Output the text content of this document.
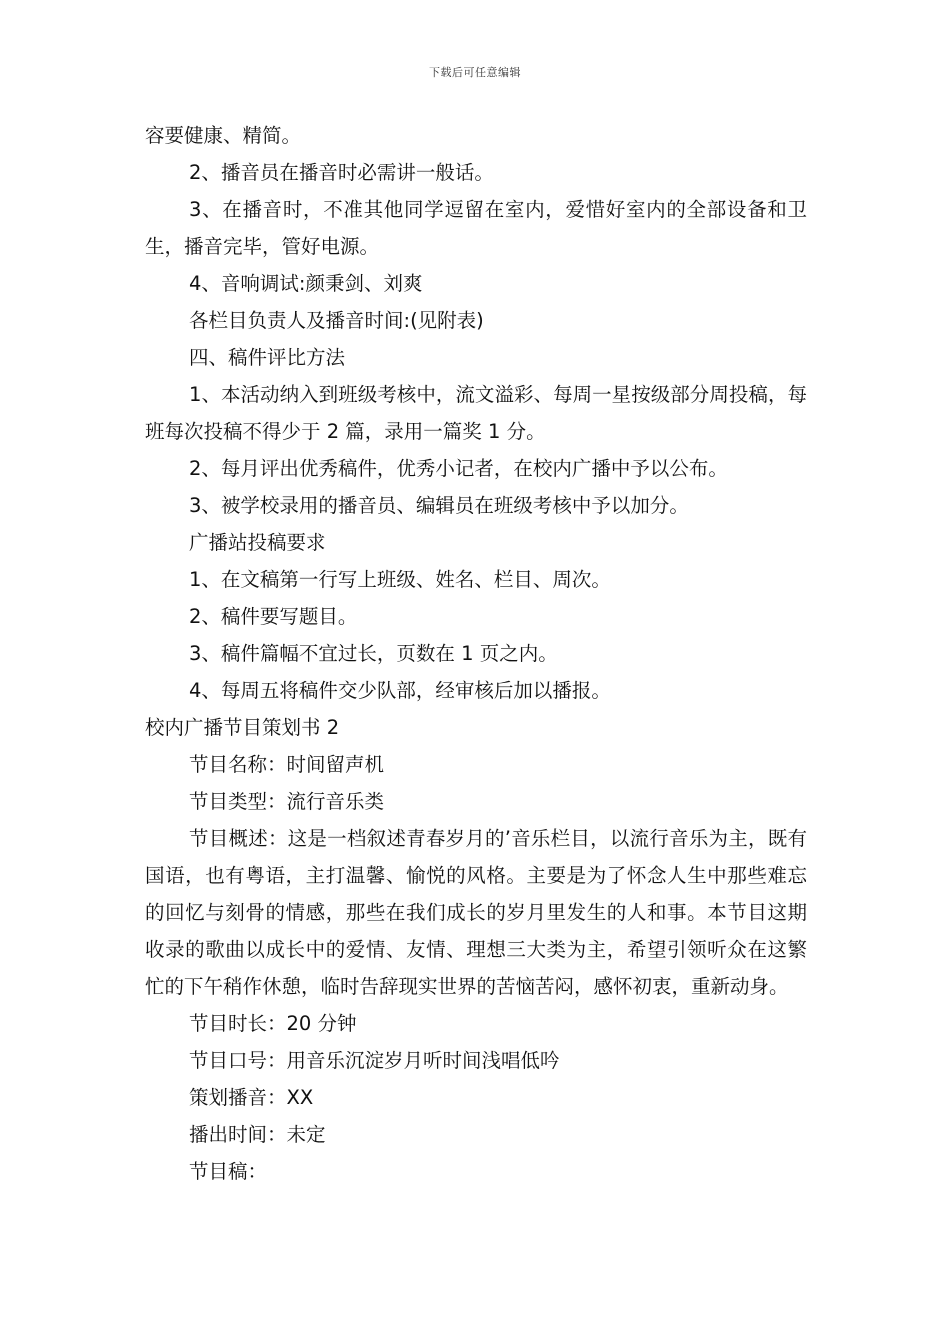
下载后可任意编辑

容要健康、精简。

2、播音员在播音时必需讲一般话。

3、在播音时，不准其他同学逗留在室内，爱惜好室内的全部设备和卫生，播音完毕，管好电源。

4、音响调试:颜秉剑、刘爽

各栏目负责人及播音时间:(见附表)

四、稿件评比方法

1、本活动纳入到班级考核中，流文溢彩、每周一星按级部分周投稿，每班每次投稿不得少于 2 篇，录用一篇奖 1 分。

2、每月评出优秀稿件，优秀小记者，在校内广播中予以公布。

3、被学校录用的播音员、编辑员在班级考核中予以加分。

广播站投稿要求

1、在文稿第一行写上班级、姓名、栏目、周次。

2、稿件要写题目。

3、稿件篇幅不宜过长，页数在 1 页之内。

4、每周五将稿件交少队部，经审核后加以播报。

校内广播节目策划书 2

节目名称：时间留声机

节目类型：流行音乐类

节目概述：这是一档叙述青春岁月的’音乐栏目，以流行音乐为主，既有国语，也有粤语，主打温馨、愉悦的风格。主要是为了怀念人生中那些难忘的回忆与刻骨的情感，那些在我们成长的岁月里发生的人和事。本节目这期收录的歌曲以成长中的爱情、友情、理想三大类为主，希望引领听众在这繁忙的下午稍作休憩，临时告辞现实世界的苦恼苦闷，感怀初衷，重新动身。

节目时长：20 分钟

节目口号：用音乐沉淀岁月听时间浅唱低吟

策划播音：XX

播出时间：未定

节目稿：
